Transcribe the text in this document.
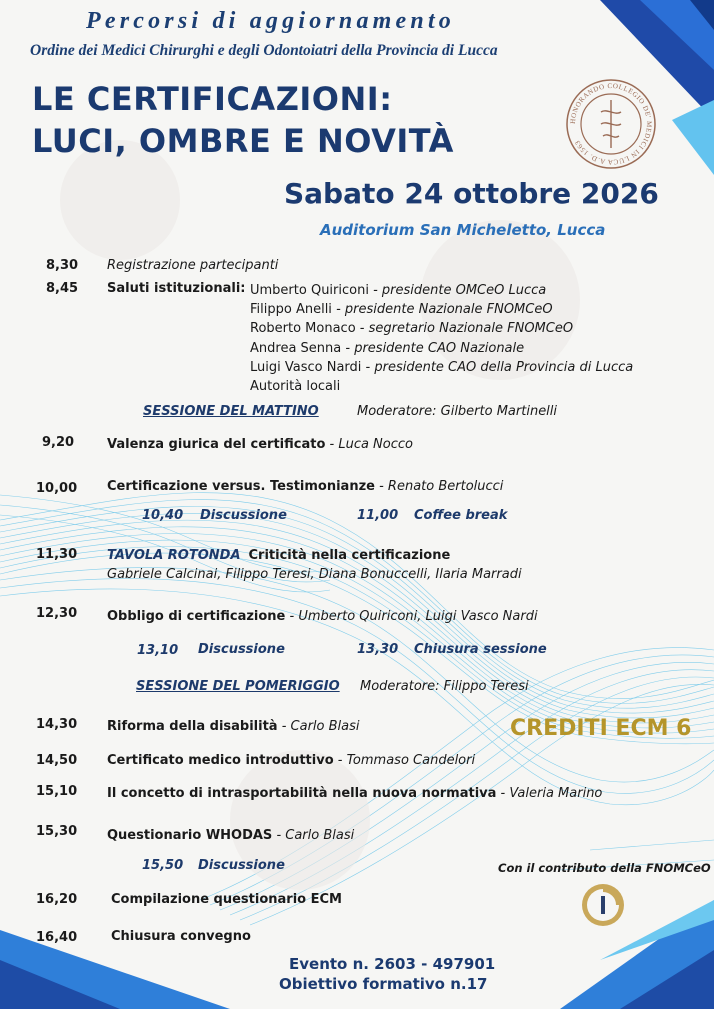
Percorsi di aggiornamento
Ordine dei Medici Chirurghi e degli Odontoiatri della Provincia di Lucca
LE CERTIFICAZIONI:
LUCI, OMBRE E NOVITÀ
HONORANDO COLLEGIO DE' MEDICI IN LUCA A.D. 1563
Sabato 24 ottobre 2026
Auditorium San Micheletto, Lucca
8,30 Registrazione partecipanti
8,45 Saluti istituzionali: Umberto Quiriconi - presidente OMCeO Lucca
Filippo Anelli - presidente Nazionale FNOMCeO
Roberto Monaco - segretario Nazionale FNOMCeO
Andrea Senna - presidente CAO Nazionale
Luigi Vasco Nardi - presidente CAO della Provincia di Lucca
Autorità locali
SESSIONE DEL MATTINO	Moderatore: Gilberto Martinelli
9,20	Valenza giurica del certificato - Luca Nocco
10,00 Certificazione versus. Testimonianze - Renato Bertolucci
10,40 Discussione	11,00 Coffee break
11,30 TAVOLA ROTONDA Criticità nella certificazione
Gabriele Calcinai, Filippo Teresi, Diana Bonuccelli, Ilaria Marradi
12,30 Obbligo di certificazione - Umberto Quiriconi, Luigi Vasco Nardi
13,10 Discussione	13,30 Chiusura sessione
SESSIONE DEL POMERIGGIO Moderatore: Filippo Teresi
14,30 Riforma della disabilità - Carlo Blasi	CREDITI ECM 6
14,50 Certificato medico introduttivo - Tommaso Candelori
15,10 Il concetto di intrasportabilità nella nuova normativa - Valeria Marino
15,30 Questionario WHODAS - Carlo Blasi
15,50 Discussione	Con il contributo della FNOMCeO
16,20	Compilazione questionario ECM
16,40	Chiusura convegno
Evento n. 2603 - 497901
Obiettivo formativo n.17
